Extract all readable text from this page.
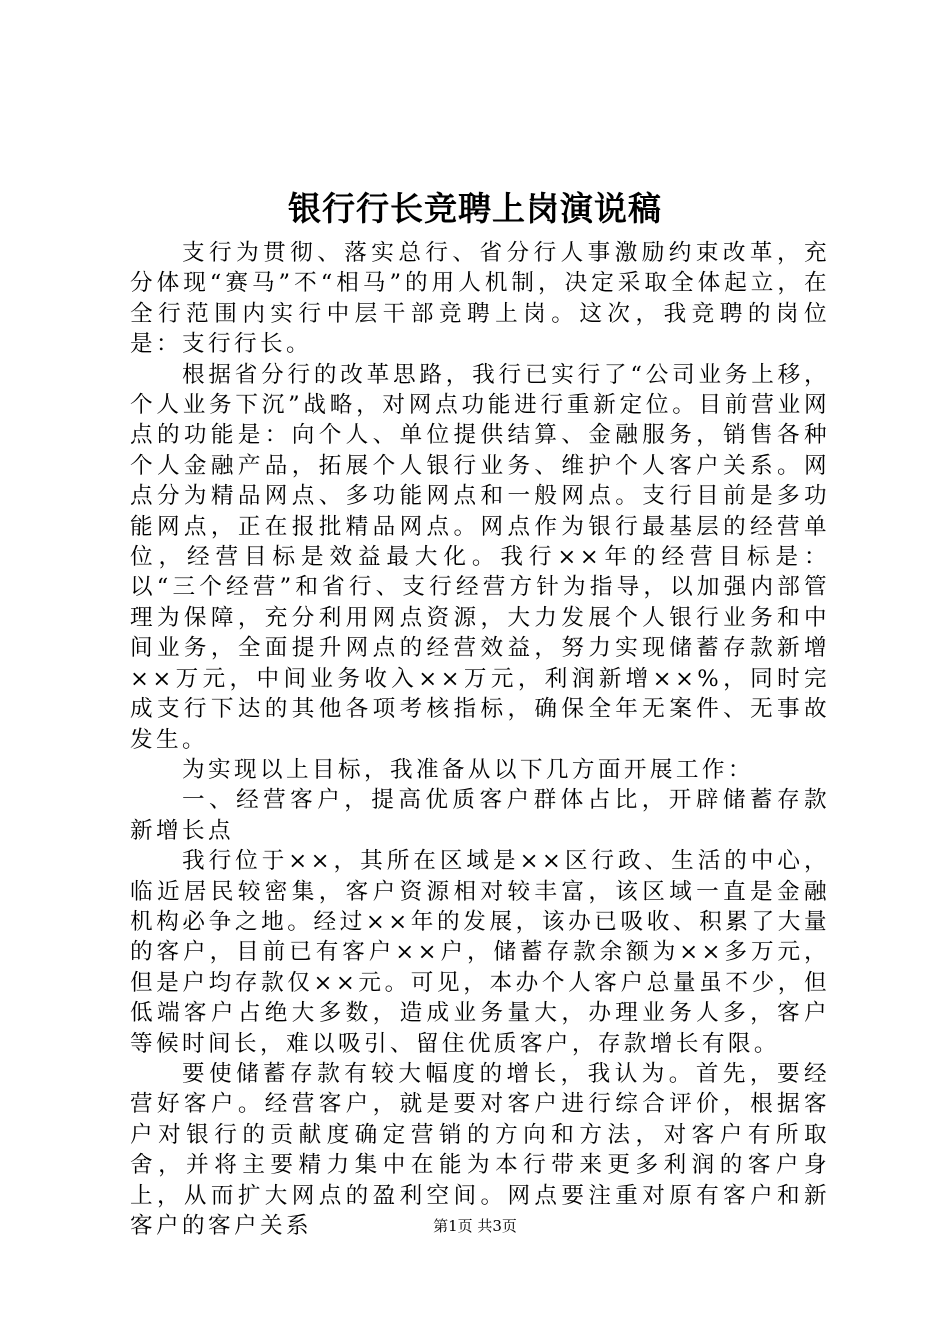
银行行长竞聘上岗演说稿

支行为贯彻、落实总行、省分行人事激励约束改革，充分体现“赛马”不“相马”的用人机制，决定采取全体起立，在全行范围内实行中层干部竞聘上岗。这次，我竞聘的岗位是：支行行长。

根据省分行的改革思路，我行已实行了“公司业务上移，个人业务下沉”战略，对网点功能进行重新定位。目前营业网点的功能是：向个人、单位提供结算、金融服务，销售各种个人金融产品，拓展个人银行业务、维护个人客户关系。网点分为精品网点、多功能网点和一般网点。支行目前是多功能网点，正在报批精品网点。网点作为银行最基层的经营单位，经营目标是效益最大化。我行××年的经营目标是：以“三个经营”和省行、支行经营方针为指导，以加强内部管理为保障，充分利用网点资源，大力发展个人银行业务和中间业务，全面提升网点的经营效益，努力实现储蓄存款新增××万元，中间业务收入××万元，利润新增××%，同时完成支行下达的其他各项考核指标，确保全年无案件、无事故发生。

为实现以上目标，我准备从以下几方面开展工作：

一、经营客户，提高优质客户群体占比，开辟储蓄存款新增长点

我行位于××，其所在区域是××区行政、生活的中心，临近居民较密集，客户资源相对较丰富，该区域一直是金融机构必争之地。经过××年的发展，该办已吸收、积累了大量的客户，目前已有客户××户，储蓄存款余额为××多万元，但是户均存款仅××元。可见，本办个人客户总量虽不少，但低端客户占绝大多数，造成业务量大，办理业务人多，客户等候时间长，难以吸引、留住优质客户，存款增长有限。

要使储蓄存款有较大幅度的增长，我认为。首先，要经营好客户。经营客户，就是要对客户进行综合评价，根据客户对银行的贡献度确定营销的方向和方法，对客户有所取舍，并将主要精力集中在能为本行带来更多利润的客户身上，从而扩大网点的盈利空间。网点要注重对原有客户和新客户的客户关系	第1页 共3页
